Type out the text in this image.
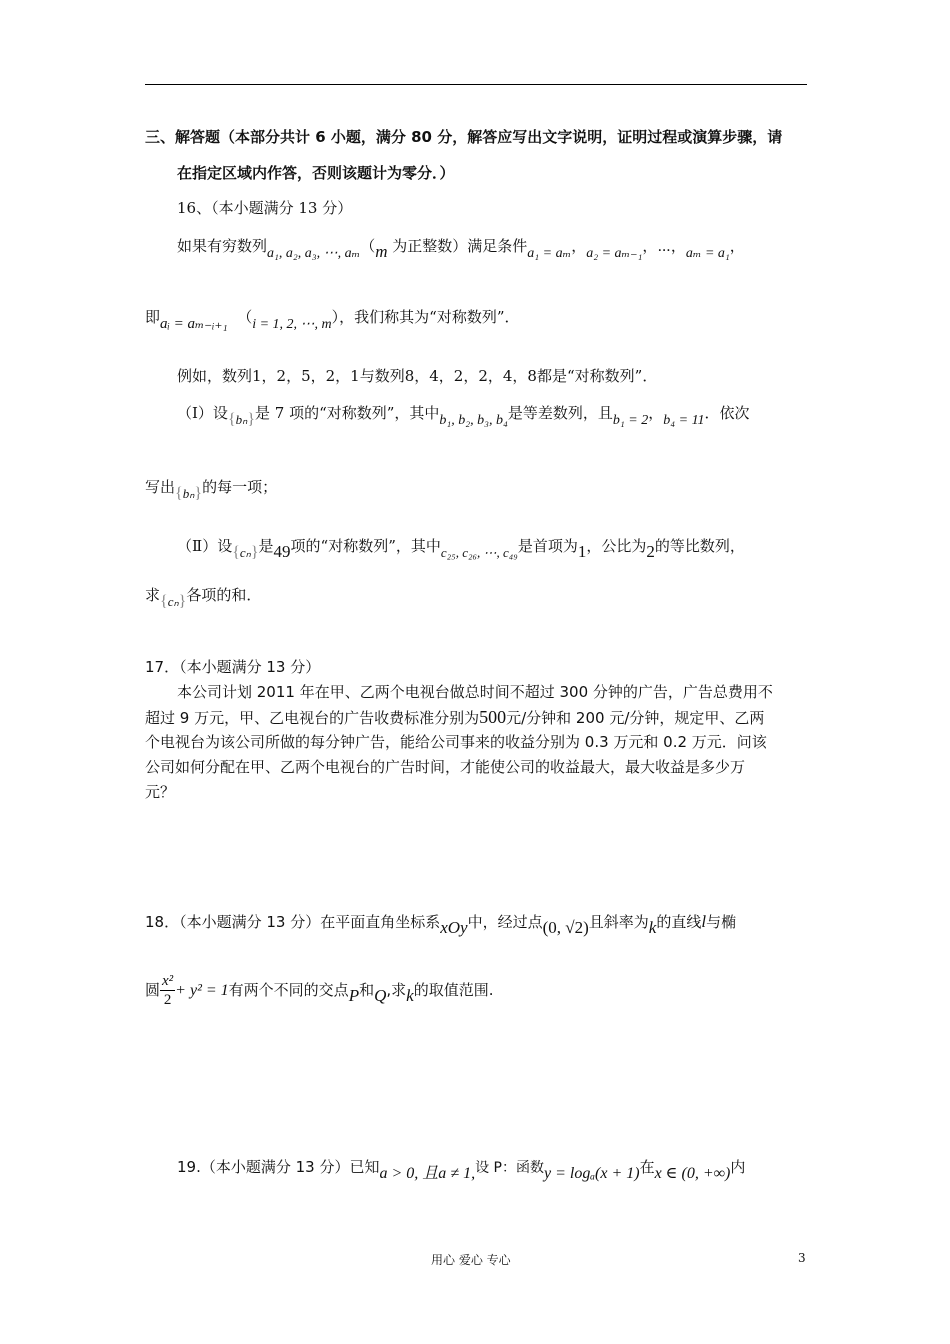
三、解答题（本部分共计 6 小题，满分 80 分，解答应写出文字说明，证明过程或演算步骤，请
在指定区域内作答，否则该题计为零分．）
16、（本小题满分 13 分）
如果有穷数列a₁, a₂, a₃, ⋯, aₘ（m 为正整数）满足条件a₁ = aₘ，a₂ = aₘ₋₁，⋯，aₘ = a₁，
即aᵢ = aₘ₋ᵢ₊₁ （i = 1, 2, ⋯, m），我们称其为“对称数列”．
例如，数列1，2，5，2，1与数列8，4，2，2，4，8都是“对称数列”．
（Ⅰ）设{bₙ}是 7 项的“对称数列”，其中b₁, b₂, b₃, b₄是等差数列，且b₁ = 2，b₄ = 11．依次
写出{bₙ}的每一项；
（Ⅱ）设{cₙ}是49项的“对称数列”，其中c₂₅, c₂₆, ⋯, c₄₉是首项为1，公比为2的等比数列，
求{cₙ}各项的和．
17．（本小题满分 13 分）
本公司计划 2011 年在甲、乙两个电视台做总时间不超过 300 分钟的广告，广告总费用不
超过 9 万元，甲、乙电视台的广告收费标准分别为500元/分钟和 200 元/分钟，规定甲、乙两
个电视台为该公司所做的每分钟广告，能给公司事来的收益分别为 0.3 万元和 0.2 万元．问该
公司如何分配在甲、乙两个电视台的广告时间，才能使公司的收益最大，最大收益是多少万
元？
18．（本小题满分 13 分）在平面直角坐标系xOy中，经过点(0, √2)且斜率为k的直线l与椭
圆 $\frac{\text{x²}}{2} + y^2 = 1$有两个不同的交点P和Q,求k的取值范围.
19.（本小题满分 13 分）已知a > 0, 且a ≠ 1,设 P：函数y = logₐ(x + 1)在x ∈ (0, +∞)内
用心 爱心 专心	3
